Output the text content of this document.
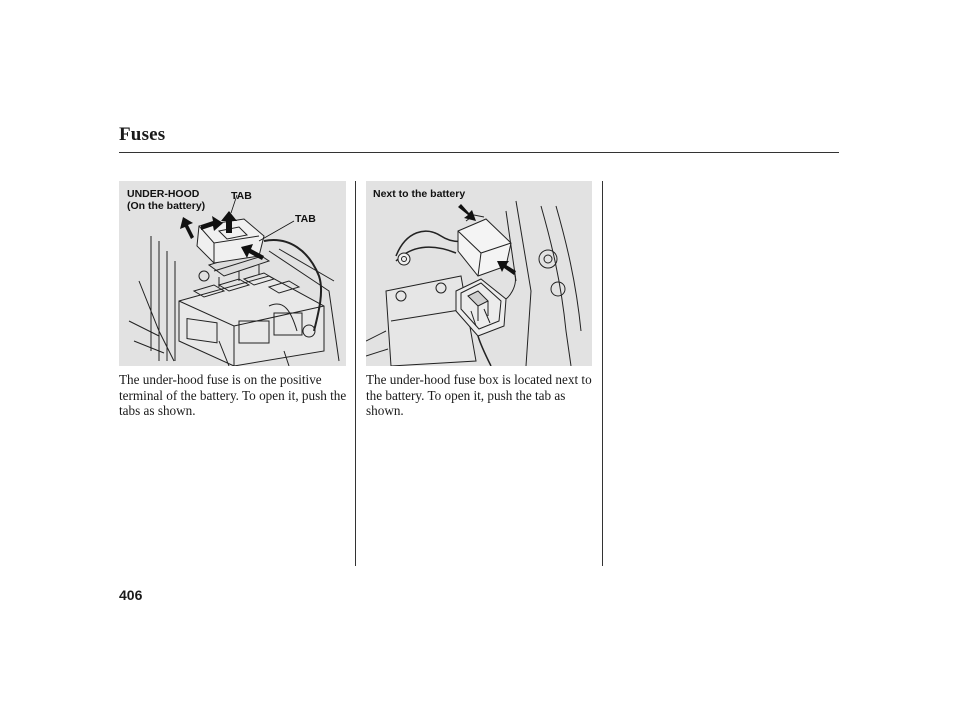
Fuses
UNDER-HOOD
(On the battery)
TAB
TAB
Next to the battery
The under-hood fuse is on the positive terminal of the battery. To open it, push the tabs as shown.
The under-hood fuse box is located next to the battery. To open it, push the tab as shown.
406
